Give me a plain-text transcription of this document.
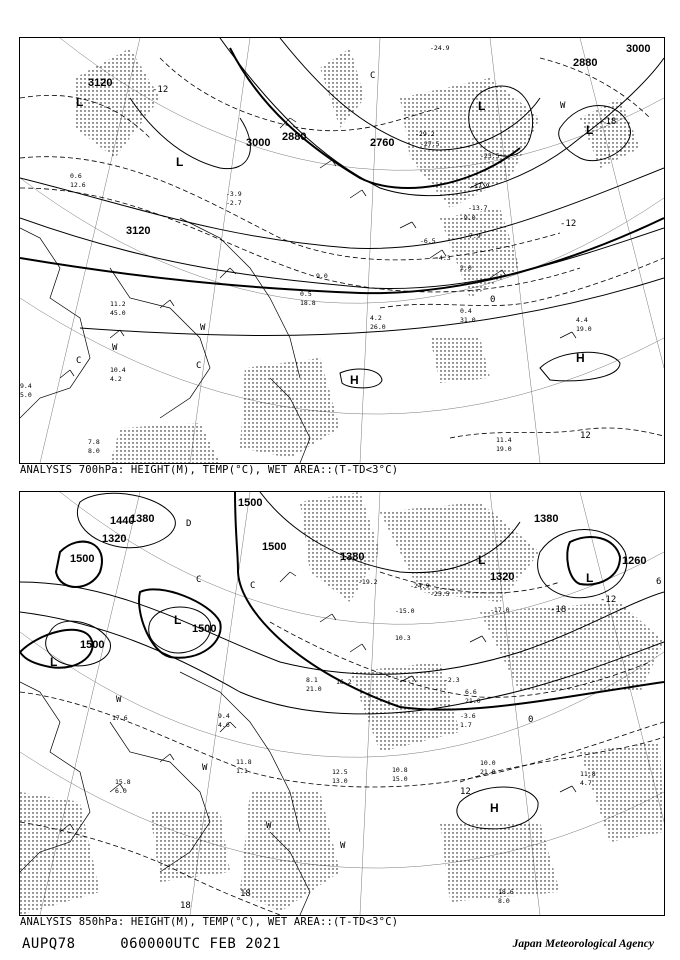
-24.9
-27.5
-29.2
-23.5
-17.9
-13.7
-9.0
-7.9
-6.5
-4.3
2.0
4.2
26.0
0.4
31.0	4.4
19.0
11.4
19.0
11.2
45.0
10.4
4.2
7.8
8.0
0.6
12.6
9.4
5.0
-3.9
-2.7
9.0
0.5
18.8
3120
3000 2880	2760
3120
3000
2880
-12
-18
-12
0
12
L
L
L
H
H
L
C
C
W
W
C
W
ANALYSIS 700hPa: HEIGHT(M), TEMP(°C), WET AREA::(T-TD<3°C)
-19.2	-24.9
-25.5
-17.0
-15.0
10.3
-2.3
6.6
21.0
-3.6
1.7
10.0
21.0	11.8
4.7
15.8
6.0
18.6
8.0
16.2
17.6	9.4
4.6
8.1
21.0
11.8
1.1	12.5
13.0
10.8
15.0
1500
1440
1320
1380
1500
1500
1500
1500
1380
1260
1320
1380
-18
-12
0
6
12
18
18
L
L
L
L
H
C
W
W
W
W
C
D
ANALYSIS 850hPa: HEIGHT(M), TEMP(°C), WET AREA::(T-TD<3°C)
AUPQ78	060000UTC FEB 2021	Japan Meteorological Agency
